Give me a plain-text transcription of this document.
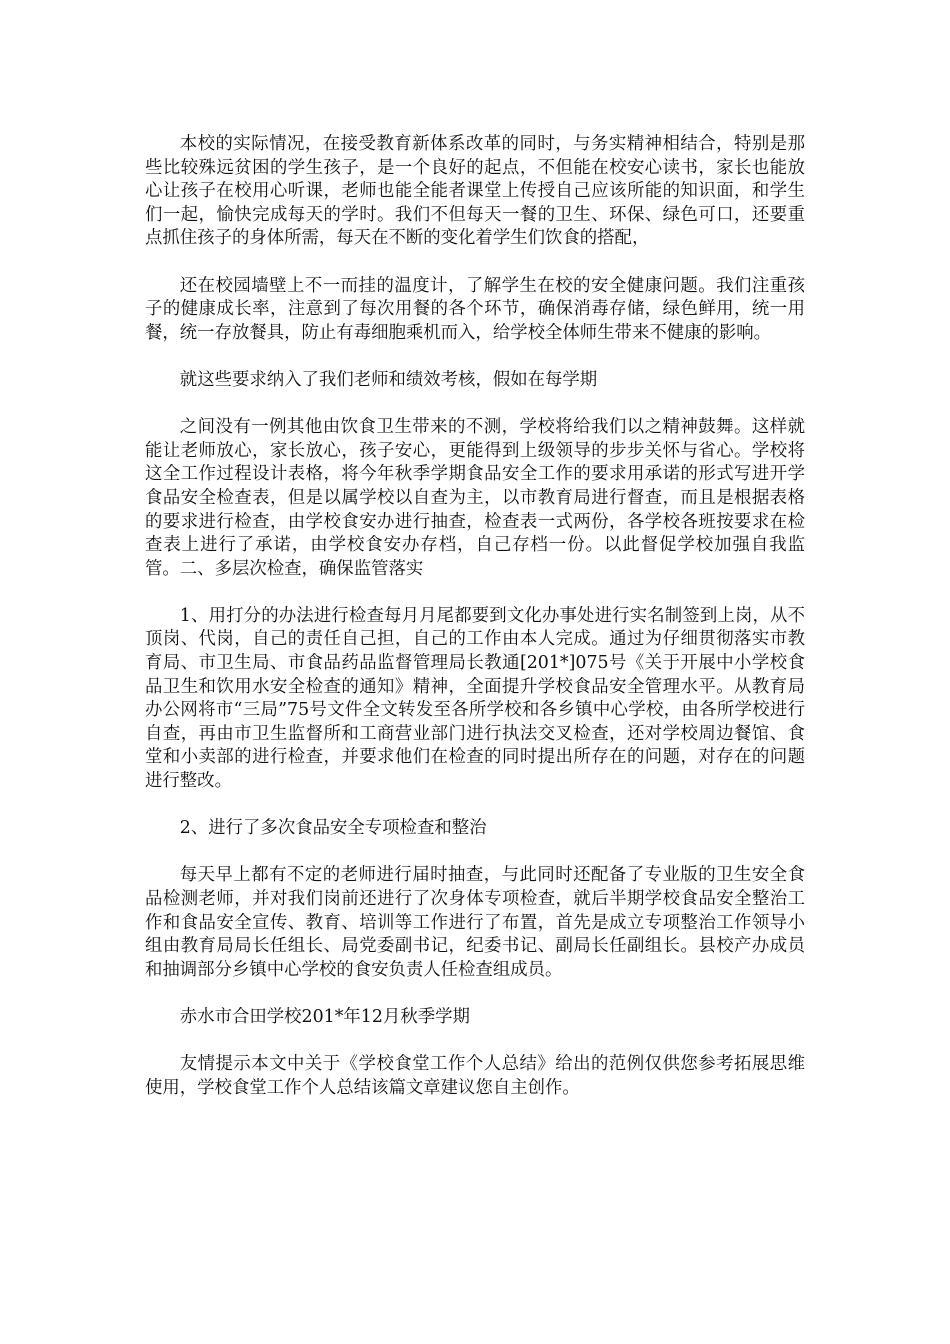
本校的实际情况，在接受教育新体系改革的同时，与务实精神相结合，特别是那些比较殊远贫困的学生孩子，是一个良好的起点，不但能在校安心读书，家长也能放心让孩子在校用心听课，老师也能全能者课堂上传授自己应该所能的知识面，和学生们一起，愉快完成每天的学时。我们不但每天一餐的卫生、环保、绿色可口，还要重点抓住孩子的身体所需，每天在不断的变化着学生们饮食的搭配，

还在校园墙壁上不一而挂的温度计，了解学生在校的安全健康问题。我们注重孩子的健康成长率，注意到了每次用餐的各个环节，确保消毒存储，绿色鲜用，统一用餐，统一存放餐具，防止有毒细胞乘机而入，给学校全体师生带来不健康的影响。

就这些要求纳入了我们老师和绩效考核，假如在每学期

之间没有一例其他由饮食卫生带来的不测，学校将给我们以之精神鼓舞。这样就能让老师放心，家长放心，孩子安心，更能得到上级领导的步步关怀与省心。学校将这全工作过程设计表格，将今年秋季学期食品安全工作的要求用承诺的形式写进开学食品安全检查表，但是以属学校以自查为主，以市教育局进行督查，而且是根据表格的要求进行检查，由学校食安办进行抽查，检查表一式两份，各学校各班按要求在检查表上进行了承诺，由学校食安办存档，自己存档一份。以此督促学校加强自我监管。二、多层次检查，确保监管落实

1、用打分的办法进行检查每月月尾都要到文化办事处进行实名制签到上岗，从不顶岗、代岗，自己的责任自己担，自己的工作由本人完成。通过为仔细贯彻落实市教育局、市卫生局、市食品药品监督管理局长教通[201*]075号《关于开展中小学校食品卫生和饮用水安全检查的通知》精神，全面提升学校食品安全管理水平。从教育局办公网将市“三局”75号文件全文转发至各所学校和各乡镇中心学校，由各所学校进行自查，再由市卫生监督所和工商营业部门进行执法交叉检查，还对学校周边餐馆、食堂和小卖部的进行检查，并要求他们在检查的同时提出所存在的问题，对存在的问题进行整改。

2、进行了多次食品安全专项检查和整治

每天早上都有不定的老师进行届时抽查，与此同时还配备了专业版的卫生安全食品检测老师，并对我们岗前还进行了次身体专项检查，就后半期学校食品安全整治工作和食品安全宣传、教育、培训等工作进行了布置，首先是成立专项整治工作领导小组由教育局局长任组长、局党委副书记，纪委书记、副局长任副组长。县校产办成员和抽调部分乡镇中心学校的食安负责人任检查组成员。

赤水市合田学校201*年12月秋季学期

友情提示本文中关于《学校食堂工作个人总结》给出的范例仅供您参考拓展思维使用，学校食堂工作个人总结该篇文章建议您自主创作。
